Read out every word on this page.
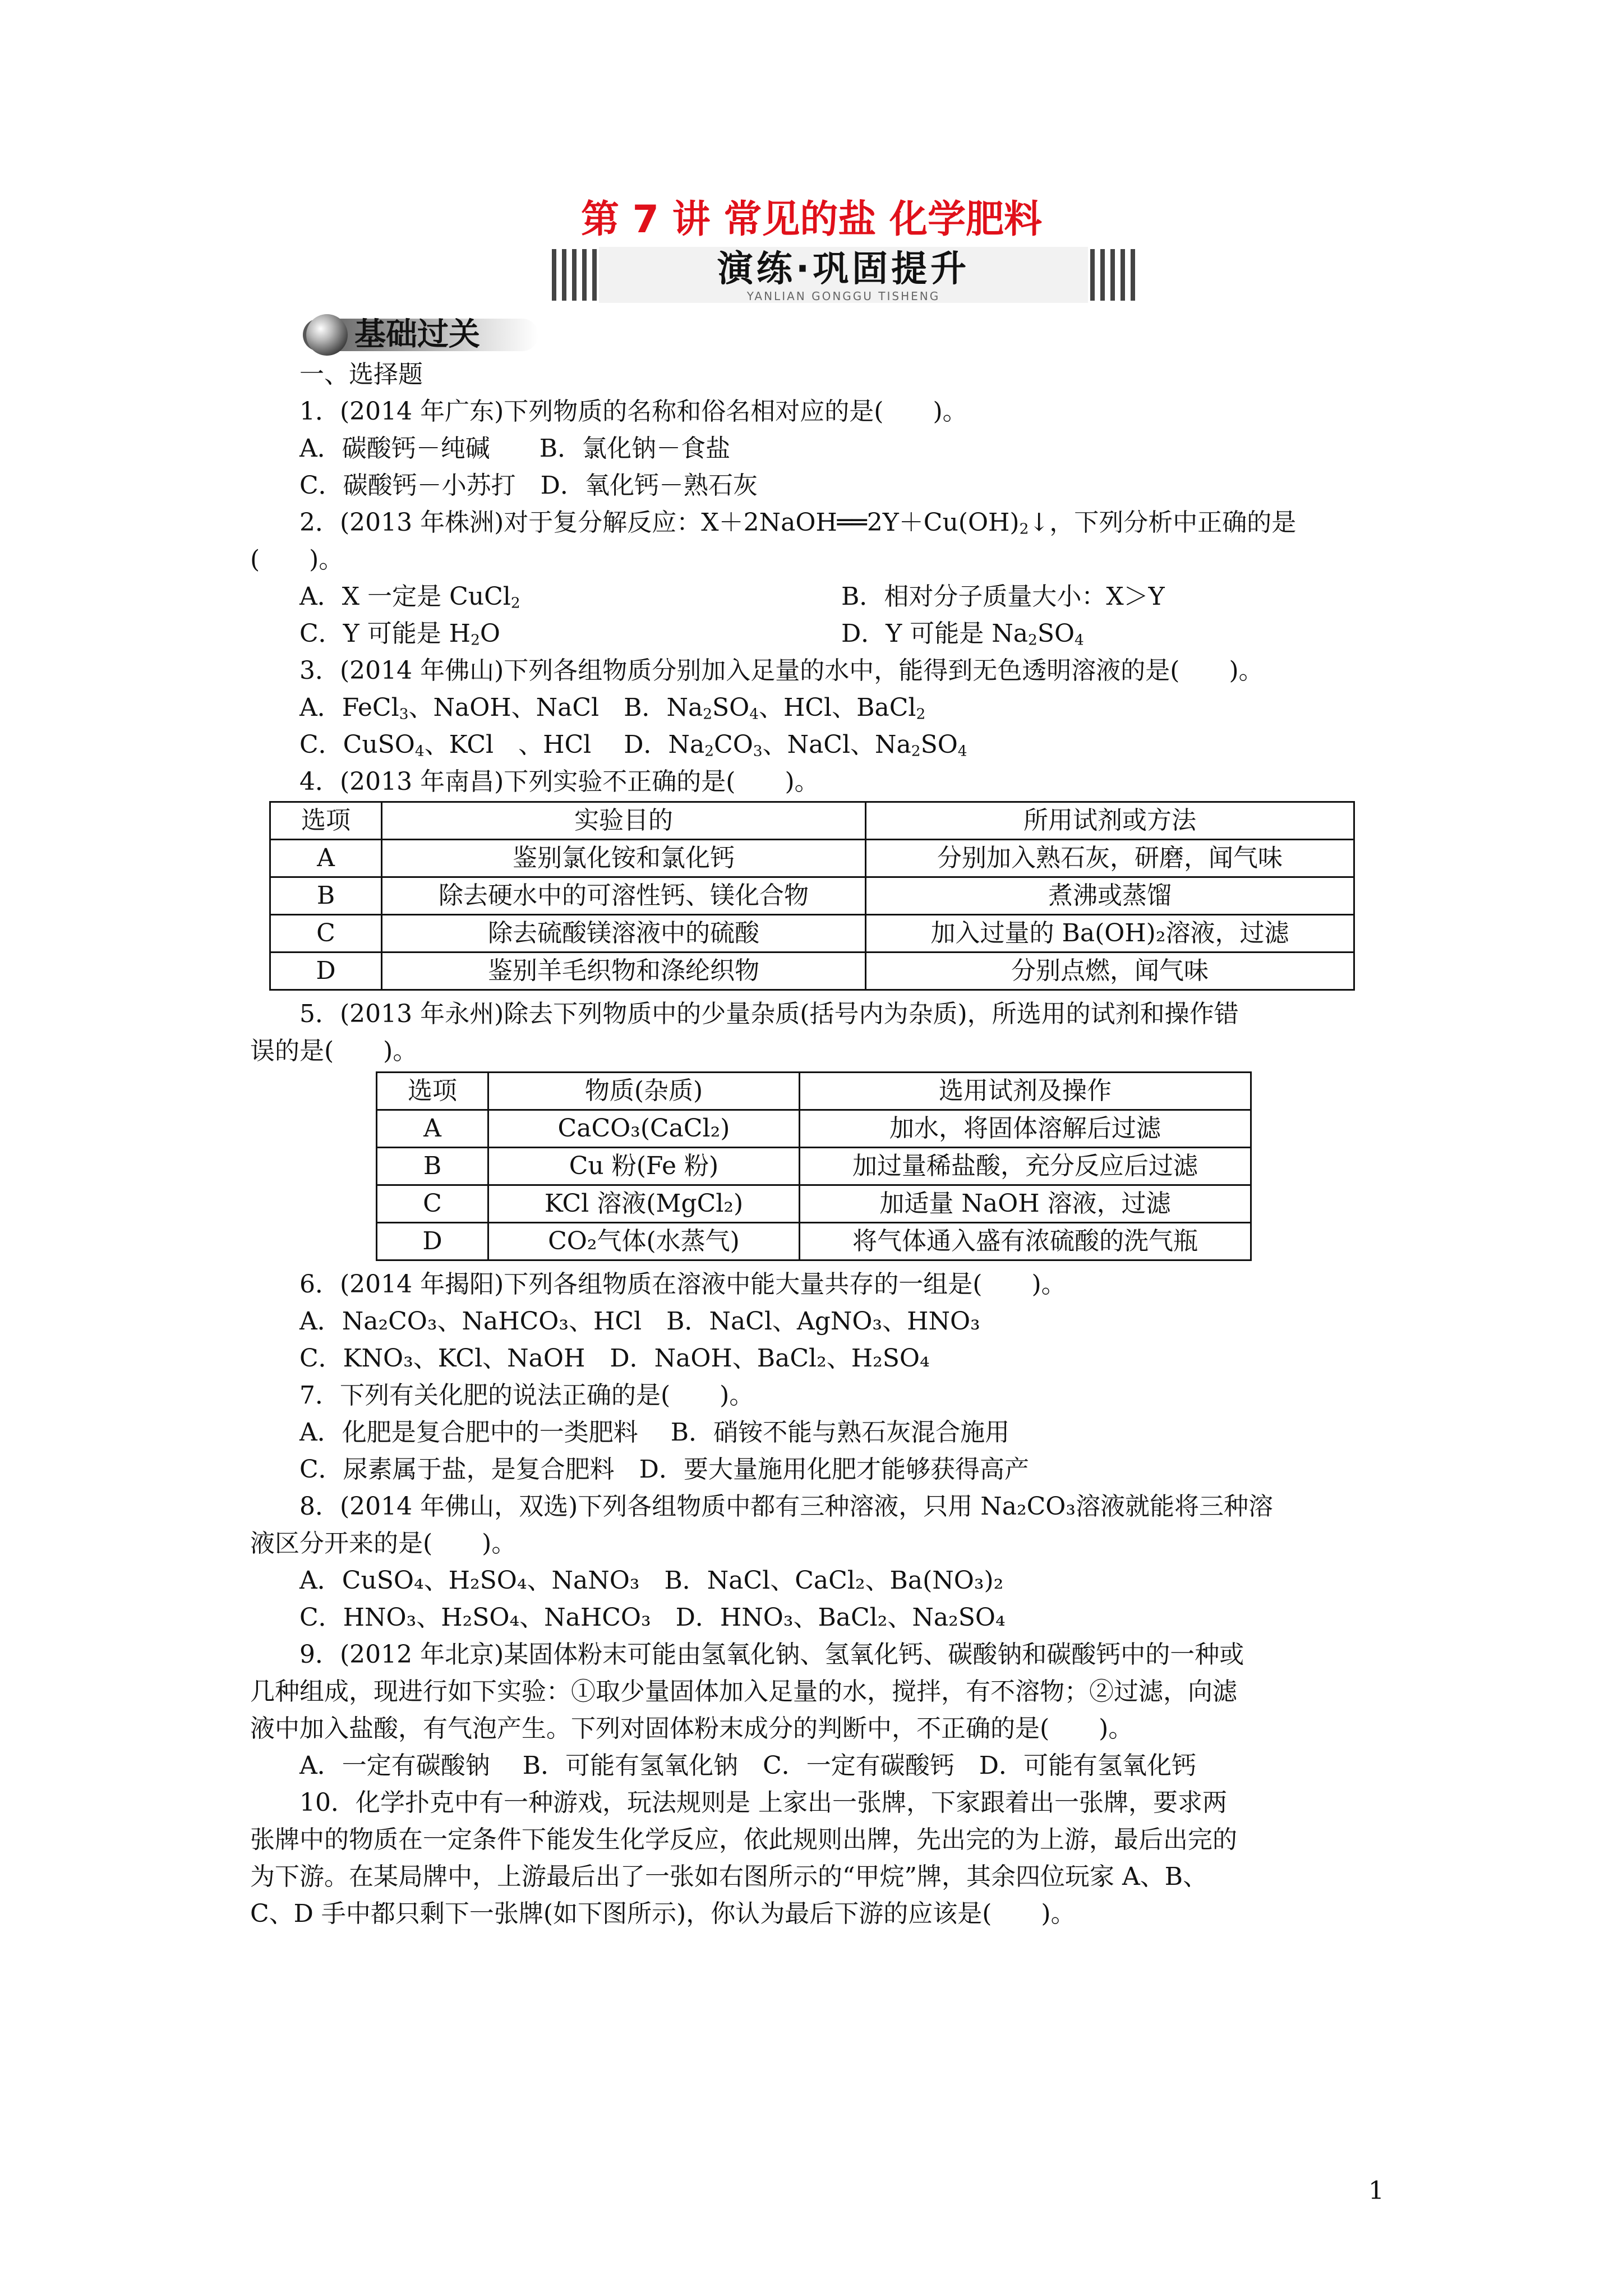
第 7 讲 常见的盐 化学肥料
演练·巩固提升
YANLIAN GONGGU TISHENG
基础过关
一、选择题
1．(2014 年广东)下列物质的名称和俗名相对应的是(　　)。
A．碳酸钙－纯碱　　B．氯化钠－食盐
C．碳酸钙－小苏打　D．氧化钙－熟石灰
2．(2013 年株洲)对于复分解反应：$X+2NaOH══2Y+Cu(OH)_2↓$，下列分析中正确的是
(　　)。
A．X 一定是 CuCl$_2$	B．相对分子质量大小：X＞Y
C．Y 可能是 $H_2O$	D．Y 可能是 $Na_2SO_4$
3．(2014 年佛山)下列各组物质分别加入足量的水中，能得到无色透明溶液的是(　　)。
A．FeCl$_3$、NaOH、NaCl　B．$Na_2SO_4$、HCl、BaCl$_2$
C．CuSO$_4$、KCl　、HCl　 D．$Na_2CO_3$、NaCl、$Na_2SO_4$
4．(2013 年南昌)下列实验不正确的是(　　)。
选项	实验目的	所用试剂或方法
A	鉴别氯化铵和氯化钙	分别加入熟石灰，研磨，闻气味
B	除去硬水中的可溶性钙、镁化合物	煮沸或蒸馏
C	除去硫酸镁溶液中的硫酸	加入过量的 Ba(OH)₂溶液，过滤
D	鉴别羊毛织物和涤纶织物	分别点燃，闻气味
5．(2013 年永州)除去下列物质中的少量杂质(括号内为杂质)，所选用的试剂和操作错
误的是(　　)。
选项	物质(杂质)	选用试剂及操作
A	CaCO₃(CaCl₂)	加水，将固体溶解后过滤
B	Cu 粉(Fe 粉)	加过量稀盐酸，充分反应后过滤
C	KCl 溶液(MgCl₂)	加适量 NaOH 溶液，过滤
D	CO₂气体(水蒸气)	将气体通入盛有浓硫酸的洗气瓶
6．(2014 年揭阳)下列各组物质在溶液中能大量共存的一组是(　　)。
A．Na₂CO₃、NaHCO₃、HCl　B．NaCl、AgNO₃、HNO₃
C．KNO₃、KCl、NaOH　D．NaOH、BaCl₂、H₂SO₄
7．下列有关化肥的说法正确的是(　　)。
A．化肥是复合肥中的一类肥料　 B．硝铵不能与熟石灰混合施用
C．尿素属于盐，是复合肥料　D．要大量施用化肥才能够获得高产
8．(2014 年佛山，双选)下列各组物质中都有三种溶液，只用 Na₂CO₃溶液就能将三种溶
液区分开来的是(　　)。
A．CuSO₄、H₂SO₄、NaNO₃　B．NaCl、CaCl₂、Ba(NO₃)₂
C．HNO₃、H₂SO₄、NaHCO₃　D．HNO₃、BaCl₂、Na₂SO₄
9．(2012 年北京)某固体粉末可能由氢氧化钠、氢氧化钙、碳酸钠和碳酸钙中的一种或
几种组成，现进行如下实验：①取少量固体加入足量的水，搅拌，有不溶物；②过滤，向滤
液中加入盐酸，有气泡产生。下列对固体粉末成分的判断中，不正确的是(　　)。
A．一定有碳酸钠　 B．可能有氢氧化钠　C．一定有碳酸钙　D．可能有氢氧化钙
10．化学扑克中有一种游戏，玩法规则是 上家出一张牌，下家跟着出一张牌，要求两
张牌中的物质在一定条件下能发生化学反应，依此规则出牌，先出完的为上游，最后出完的
为下游。在某局牌中，上游最后出了一张如右图所示的“甲烷”牌，其余四位玩家 A、B、
C、D 手中都只剩下一张牌(如下图所示)，你认为最后下游的应该是(　　)。
1
